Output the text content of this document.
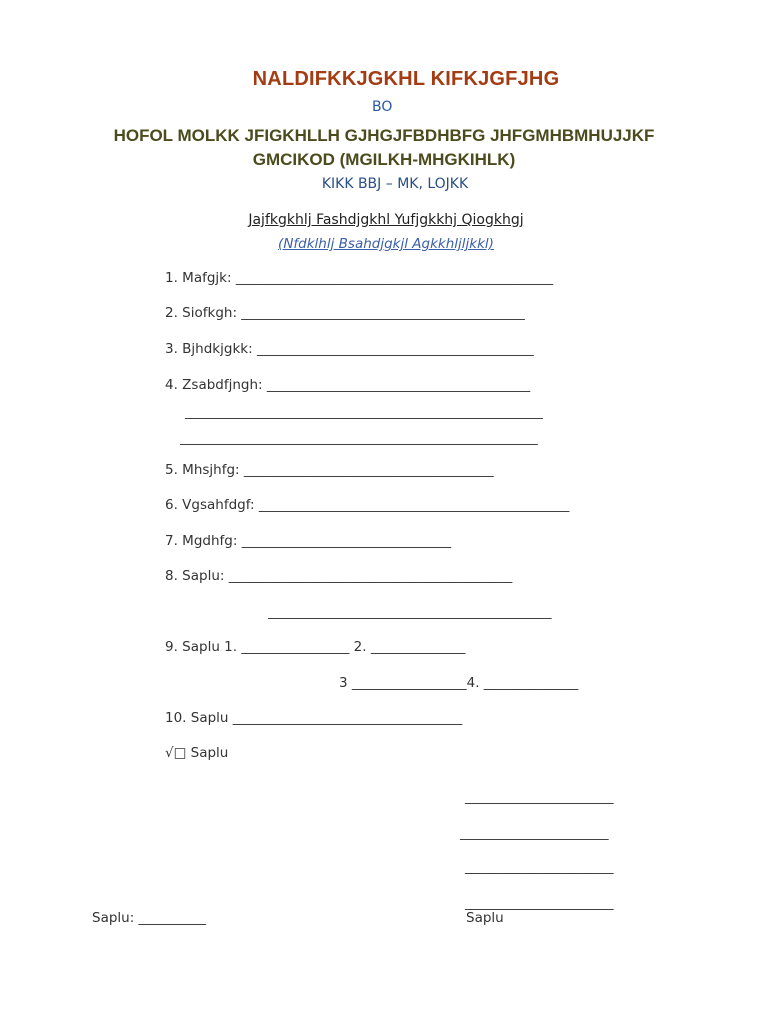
NALDIFKKJGKHL KIFKJGFJHG
BO
HOFOL MOLKK JFIGKHLLH GJHGJFBDHBFG JHFGMHBMHUJJKF
GMCIKOD (MGILKH-MHGKIHLK)
KIKK BBJ – MK, LOJKK
Jajfkgkhlj Fashdjgkhl Yufjgkkhj Qiogkhgj
(Nfdklhlj Bsahdjgkjl Agkkhljljkkl)
1. Mafgjk: _______________________________________________
2. Siofkgh: __________________________________________
3. Bjhdkjgkk: _________________________________________
4. Zsabdfjngh: _______________________________________
_____________________________________________________
_____________________________________________________
5. Mhsjhfg: _____________________________________
6. Vgsahfdgf: ______________________________________________
7. Mgdhfg: _______________________________
8. Saplu: __________________________________________
__________________________________________
9. Saplu 1. ________________ 2. ______________
3 _________________4. ______________
10. Saplu __________________________________
√□ Saplu
______________________
______________________
______________________
______________________
Saplu: __________	Saplu
